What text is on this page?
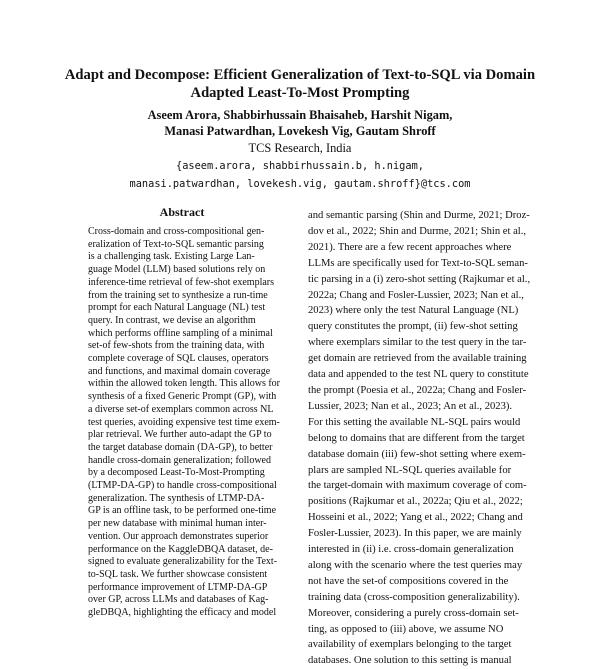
Adapt and Decompose: Efficient Generalization of Text-to-SQL via Domain
Adapted Least-To-Most Prompting
Aseem Arora, Shabbirhussain Bhaisaheb, Harshit Nigam,
Manasi Patwardhan, Lovekesh Vig, Gautam Shroff
TCS Research, India
{aseem.arora, shabbirhussain.b, h.nigam,
manasi.patwardhan, lovekesh.vig, gautam.shroff}@tcs.com
Abstract
Cross-domain and cross-compositional gen-
eralization of Text-to-SQL semantic parsing
is a challenging task. Existing Large Lan-
guage Model (LLM) based solutions rely on
inference-time retrieval of few-shot exemplars
from the training set to synthesize a run-time
prompt for each Natural Language (NL) test
query. In contrast, we devise an algorithm
which performs offline sampling of a minimal
set-of few-shots from the training data, with
complete coverage of SQL clauses, operators
and functions, and maximal domain coverage
within the allowed token length. This allows for
synthesis of a fixed Generic Prompt (GP), with
a diverse set-of exemplars common across NL
test queries, avoiding expensive test time exem-
plar retrieval. We further auto-adapt the GP to
the target database domain (DA-GP), to better
handle cross-domain generalization; followed
by a decomposed Least-To-Most-Prompting
(LTMP-DA-GP) to handle cross-compositional
generalization. The synthesis of LTMP-DA-
GP is an offline task, to be performed one-time
per new database with minimal human inter-
vention. Our approach demonstrates superior
performance on the KaggleDBQA dataset, de-
signed to evaluate generalizability for the Text-
to-SQL task. We further showcase consistent
performance improvement of LTMP-DA-GP
over GP, across LLMs and databases of Kag-
gleDBQA, highlighting the efficacy and model
and semantic parsing (Shin and Durme, 2021; Droz-
dov et al., 2022; Shin and Durme, 2021; Shin et al.,
2021). There are a few recent approaches where
LLMs are specifically used for Text-to-SQL seman-
tic parsing in a (i) zero-shot setting (Rajkumar et al.,
2022a; Chang and Fosler-Lussier, 2023; Nan et al.,
2023) where only the test Natural Language (NL)
query constitutes the prompt, (ii) few-shot setting
where exemplars similar to the test query in the tar-
get domain are retrieved from the available training
data and appended to the test NL query to constitute
the prompt (Poesia et al., 2022a; Chang and Fosler-
Lussier, 2023; Nan et al., 2023; An et al., 2023).
For this setting the available NL-SQL pairs would
belong to domains that are different from the target
database domain (iii) few-shot setting where exem-
plars are sampled NL-SQL queries available for
the target-domain with maximum coverage of com-
positions (Rajkumar et al., 2022a; Qiu et al., 2022;
Hosseini et al., 2022; Yang et al., 2022; Chang and
Fosler-Lussier, 2023). In this paper, we are mainly
interested in (ii) i.e. cross-domain generalization
along with the scenario where the test queries may
not have the set-of compositions covered in the
training data (cross-composition generalizability).
Moreover, considering a purely cross-domain set-
ting, as opposed to (iii) above, we assume NO
availability of exemplars belonging to the target
databases. One solution to this setting is manual
